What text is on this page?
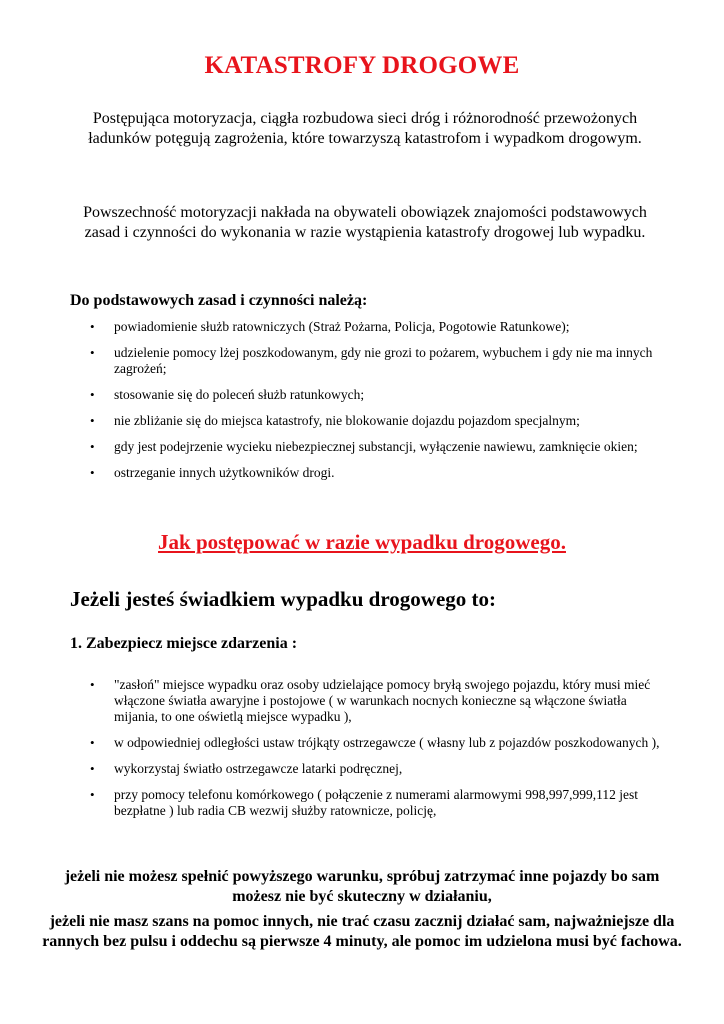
KATASTROFY DROGOWE

Postępująca motoryzacja, ciągła rozbudowa sieci dróg i różnorodność przewożonych ładunków potęgują zagrożenia, które towarzyszą katastrofom i wypadkom drogowym.

Powszechność motoryzacji nakłada na obywateli obowiązek znajomości podstawowych zasad i czynności do wykonania w razie wystąpienia katastrofy drogowej lub wypadku.

Do podstawowych zasad i czynności należą:

• powiadomienie służb ratowniczych (Straż Pożarna, Policja, Pogotowie Ratunkowe);
• udzielenie pomocy lżej poszkodowanym, gdy nie grozi to pożarem, wybuchem i gdy nie ma innych zagrożeń;
• stosowanie się do poleceń służb ratunkowych;
• nie zbliżanie się do miejsca katastrofy, nie blokowanie dojazdu pojazdom specjalnym;
• gdy jest podejrzenie wycieku niebezpiecznej substancji, wyłączenie nawiewu, zamknięcie okien;
• ostrzeganie innych użytkowników drogi.
Jak postępować w razie wypadku drogowego.
Jeżeli jesteś świadkiem wypadku drogowego to:
1. Zabezpiecz miejsce zdarzenia :
• "zasłoń" miejsce wypadku oraz osoby udzielające pomocy bryłą swojego pojazdu, który musi mieć włączone światła awaryjne i postojowe ( w warunkach nocnych konieczne są włączone światła mijania, to one oświetlą miejsce wypadku ),
• w odpowiedniej odległości ustaw trójkąty ostrzegawcze ( własny lub z pojazdów poszkodowanych ),
• wykorzystaj światło ostrzegawcze latarki podręcznej,
• przy pomocy telefonu komórkowego ( połączenie z numerami alarmowymi 998,997,999,112 jest bezpłatne ) lub radia CB wezwij służby ratownicze, policję,

jeżeli nie możesz spełnić powyższego warunku, spróbuj zatrzymać inne pojazdy bo sam możesz nie być skuteczny w działaniu,

jeżeli nie masz szans na pomoc innych, nie trać czasu zacznij działać sam, najważniejsze dla rannych bez pulsu i oddechu są pierwsze 4 minuty, ale pomoc im udzielona musi być fachowa.
